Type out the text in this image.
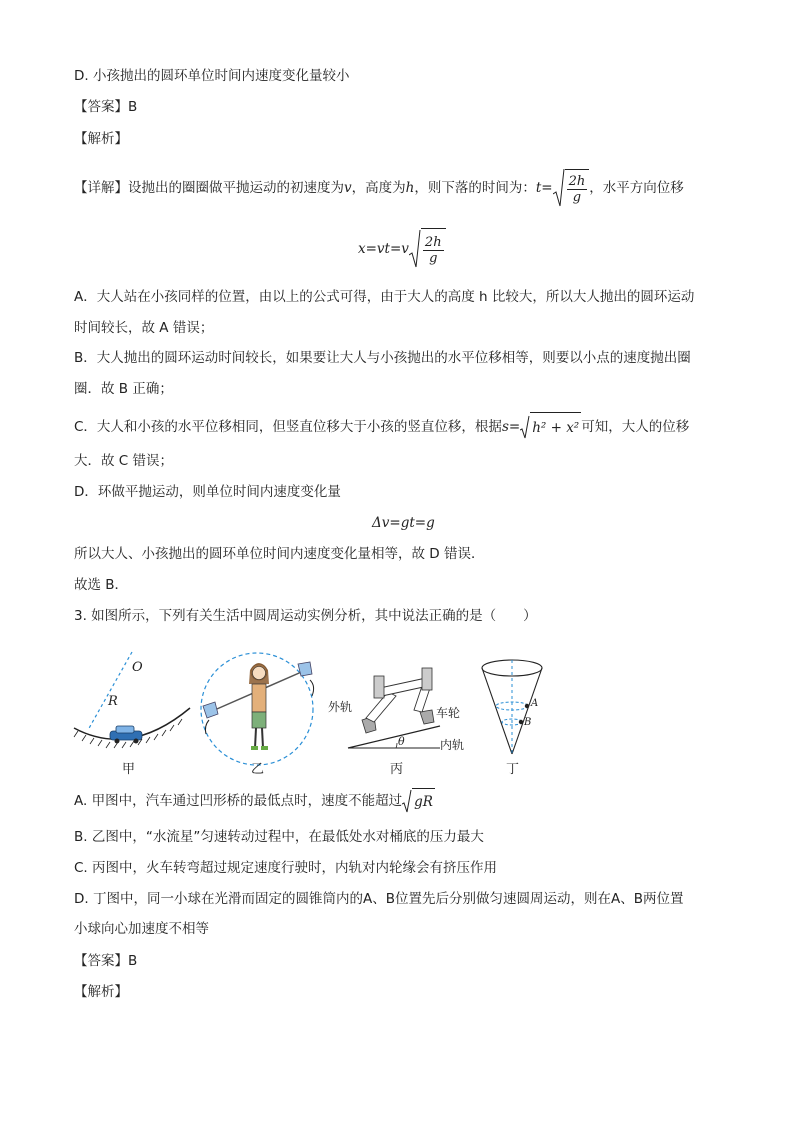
D. 小孩抛出的圆环单位时间内速度变化量较小
【答案】B
【解析】
【详解】设抛出的圈圈做平抛运动的初速度为v，高度为h，则下落的时间为：$t= \frac{2h}{g}$ ，水平方向位移
$x=vt=v \frac{2h}{g}$
A．大人站在小孩同样的位置，由以上的公式可得，由于大人的高度 h 比较大，所以大人抛出的圆环运动
时间较长，故 A 错误；
B．大人抛出的圆环运动时间较长，如果要让大人与小孩抛出的水平位移相等，则要以小点的速度抛出圈
圈．故 B 正确；
C．大人和小孩的水平位移相同，但竖直位移大于小孩的竖直位移，根据s= h² + x² 可知，大人的位移
大．故 C 错误；
D．环做平抛运动，则单位时间内速度变化量
Δv=gt=g
所以大人、小孩抛出的圆环单位时间内速度变化量相等，故 D 错误．
故选 B．
3. 如图所示，下列有关生活中圆周运动实例分析，其中说法正确的是（　　）
O
R
甲	乙
外轨	车轮
内轨
θ
丙
A
B
丁
A. 甲图中，汽车通过凹形桥的最低点时，速度不能超过 gR
B. 乙图中，“水流星”匀速转动过程中，在最低处水对桶底的压力最大
C. 丙图中，火车转弯超过规定速度行驶时，内轨对内轮缘会有挤压作用
D. 丁图中，同一小球在光滑而固定的圆锥筒内的A、B位置先后分别做匀速圆周运动，则在A、B两位置
小球向心加速度不相等
【答案】B
【解析】
